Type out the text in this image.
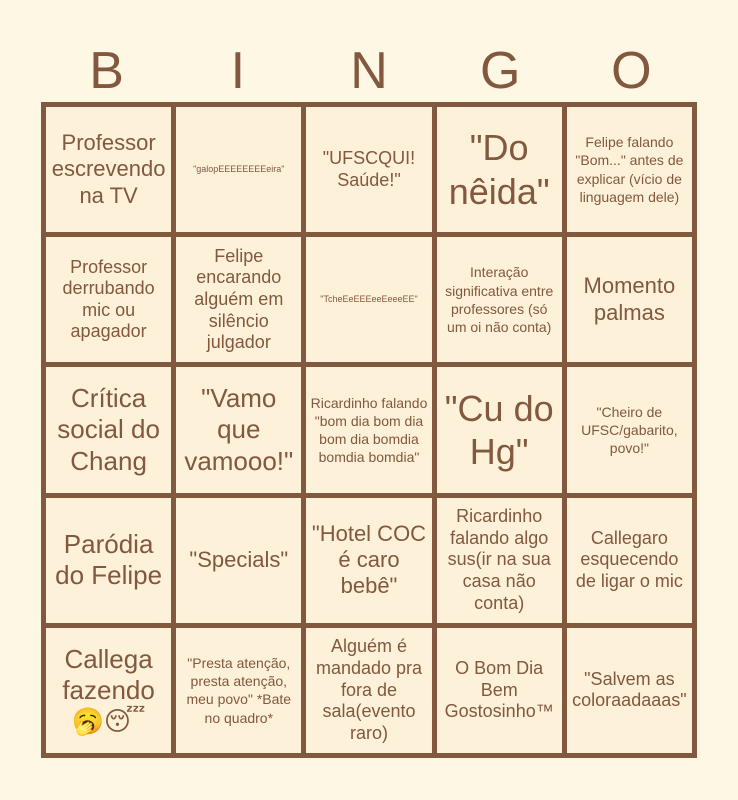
B	I	N	G	O
Professor escrevendo na TV
"galopEEEEEEEEeira"
"UFSCQUI! Saúde!"
"Do nêida"
Felipe falando "Bom..." antes de explicar (vício de linguagem dele)
Professor derrubando mic ou apagador
Felipe encarando alguém em silêncio julgador
"TcheEeEEEeeEeeeEE"
Interação significativa entre professores (só um oi não conta)
Momento palmas
Crítica social do Chang
"Vamo que vamooo!"
Ricardinho falando "bom dia bom dia bom dia bomdia bomdia bomdia"
"Cu do Hg"
"Cheiro de UFSC/gabarito, povo!"
Paródia do Felipe
"Specials"
"Hotel COC é caro bebê"
Ricardinho falando algo sus(ir na sua casa não conta)
Callegaro esquecendo de ligar o mic
Callega fazendo 🥱😴
"Presta atenção, presta atenção, meu povo" *Bate no quadro*
Alguém é mandado pra fora de sala(evento raro)
O Bom Dia Bem Gostosinho™
"Salvem as coloraadaaas"
